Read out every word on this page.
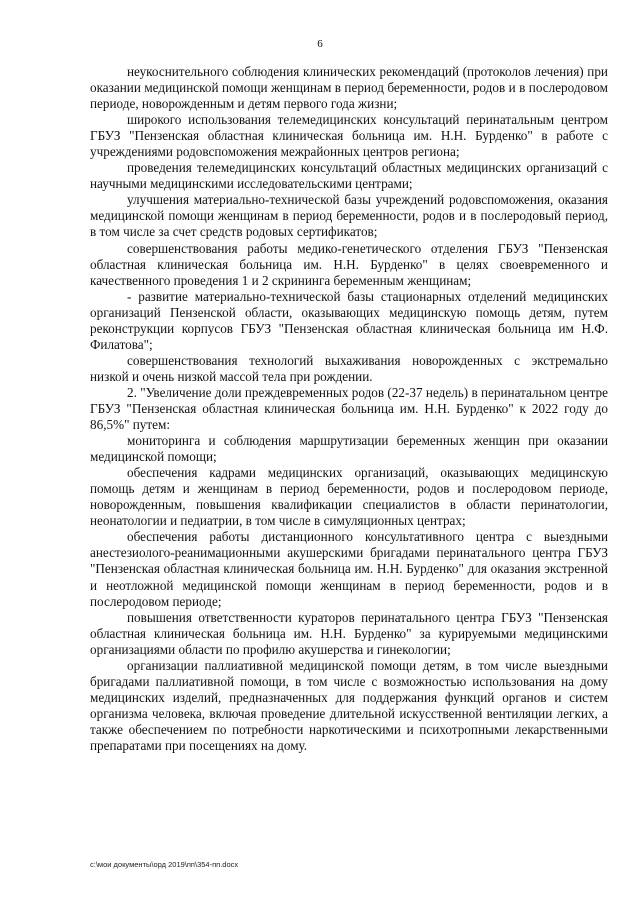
6

неукоснительного соблюдения клинических рекомендаций (протоколов лечения) при оказании медицинской помощи женщинам в период беременности, родов и в послеродовом периоде, новорожденным и детям первого года жизни;

широкого использования телемедицинских консультаций перинатальным центром ГБУЗ "Пензенская областная клиническая больница им. Н.Н. Бурденко" в работе с учреждениями родовспоможения межрайонных центров региона;

проведения телемедицинских консультаций областных медицинских организаций с научными медицинскими исследовательскими центрами;

улучшения материально-технической базы учреждений родовспоможения, оказания медицинской помощи женщинам в период беременности, родов и в послеродовый период, в том числе за счет средств родовых сертификатов;

совершенствования работы медико-генетического отделения ГБУЗ "Пензенская областная клиническая больница им. Н.Н. Бурденко" в целях своевременного и качественного проведения 1 и 2 скрининга беременным женщинам;

- развитие материально-технической базы стационарных отделений медицинских организаций Пензенской области, оказывающих медицинскую помощь детям, путем реконструкции корпусов ГБУЗ "Пензенская областная клиническая больница им Н.Ф. Филатова";

совершенствования технологий выхаживания новорожденных с экстремально низкой и очень низкой массой тела при рождении.

2. "Увеличение доли преждевременных родов (22-37 недель) в перинатальном центре ГБУЗ "Пензенская областная клиническая больница им. Н.Н. Бурденко" к 2022 году до 86,5%" путем:

мониторинга и соблюдения маршрутизации беременных женщин при оказании медицинской помощи;

обеспечения кадрами медицинских организаций, оказывающих медицинскую помощь детям и женщинам в период беременности, родов и послеродовом периоде, новорожденным, повышения квалификации специалистов в области перинатологии, неонатологии и педиатрии, в том числе в симуляционных центрах;

обеспечения работы дистанционного консультативного центра с выездными анестезиолого-реанимационными акушерскими бригадами перинатального центра ГБУЗ "Пензенская областная клиническая больница им. Н.Н. Бурденко" для оказания экстренной и неотложной медицинской помощи женщинам в период беременности, родов и в послеродовом периоде;

повышения ответственности кураторов перинатального центра ГБУЗ "Пензенская областная клиническая больница им. Н.Н. Бурденко" за курируемыми медицинскими организациями области по профилю акушерства и гинекологии;

организации паллиативной медицинской помощи детям, в том числе выездными бригадами паллиативной помощи, в том числе с возможностью использования на дому медицинских изделий, предназначенных для поддержания функций органов и систем организма человека, включая проведение длительной искусственной вентиляции легких, а также обеспечением по потребности наркотическими и психотропными лекарственными препаратами при посещениях на дому.

c:\мои документы\орд 2019\пп\354-пп.docx
